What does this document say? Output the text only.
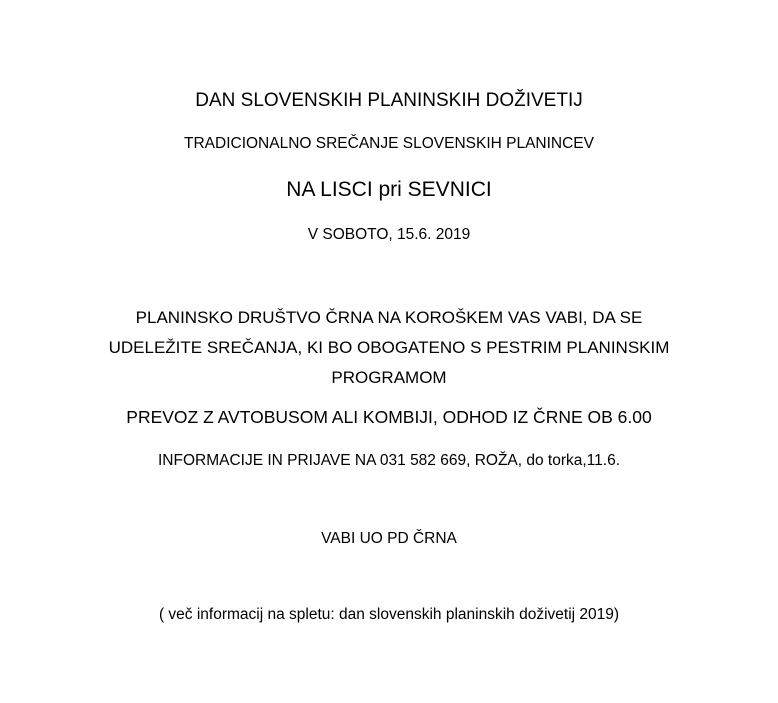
DAN SLOVENSKIH PLANINSKIH DOŽIVETIJ
TRADICIONALNO SREČANJE SLOVENSKIH PLANINCEV
NA LISCI pri SEVNICI
V SOBOTO, 15.6. 2019
PLANINSKO DRUŠTVO ČRNA NA KOROŠKEM VAS VABI, DA SE
UDELEŽITE SREČANJA, KI BO OBOGATENO S PESTRIM PLANINSKIM
PROGRAMOM
PREVOZ Z AVTOBUSOM ALI KOMBIJI, ODHOD IZ ČRNE OB 6.00
INFORMACIJE IN PRIJAVE NA 031 582 669, ROŽA, do torka,11.6.
VABI UO PD ČRNA
( več informacij na spletu: dan slovenskih planinskih doživetij 2019)
